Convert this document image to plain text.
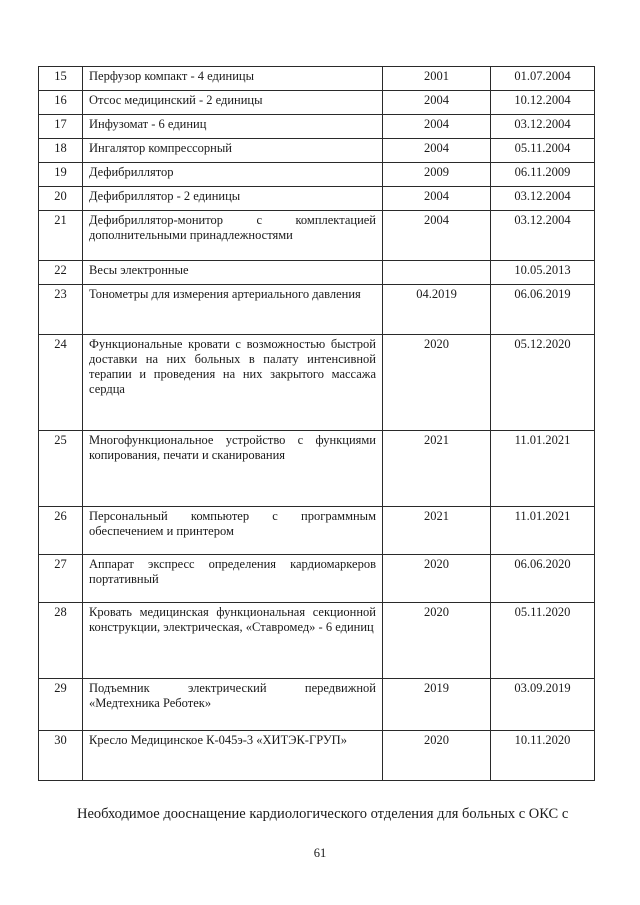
15	Перфузор компакт - 4 единицы	2001	01.07.2004
16	Отсос медицинский - 2 единицы	2004	10.12.2004
17	Инфузомат - 6 единиц	2004	03.12.2004
18	Ингалятор компрессорный	2004	05.11.2004
19	Дефибриллятор	2009	06.11.2009
20	Дефибриллятор - 2 единицы	2004	03.12.2004
21	Дефибриллятор-монитор с комплектацией дополнительными принадлежностями	2004	03.12.2004
22	Весы электронные		10.05.2013
23	Тонометры для измерения артериального давления	04.2019	06.06.2019
24	Функциональные кровати с возможностью быстрой доставки на них больных в палату интенсивной терапии и проведения на них закрытого массажа сердца	2020	05.12.2020
25	Многофункциональное устройство с функциями копирования, печати и сканирования	2021	11.01.2021
26	Персональный компьютер с программным обеспечением и принтером	2021	11.01.2021
27	Аппарат экспресс определения кардиомаркеров портативный	2020	06.06.2020
28	Кровать медицинская функциональная секционной конструкции, электрическая, «Ставромед» - 6 единиц	2020	05.11.2020
29	Подъемник электрический передвижной «Медтехника Реботек»	2019	03.09.2019
30	Кресло Медицинское К-045э-3 «ХИТЭК-ГРУП»	2020	10.11.2020
Необходимое дооснащение кардиологического отделения для больных с ОКС с
61
